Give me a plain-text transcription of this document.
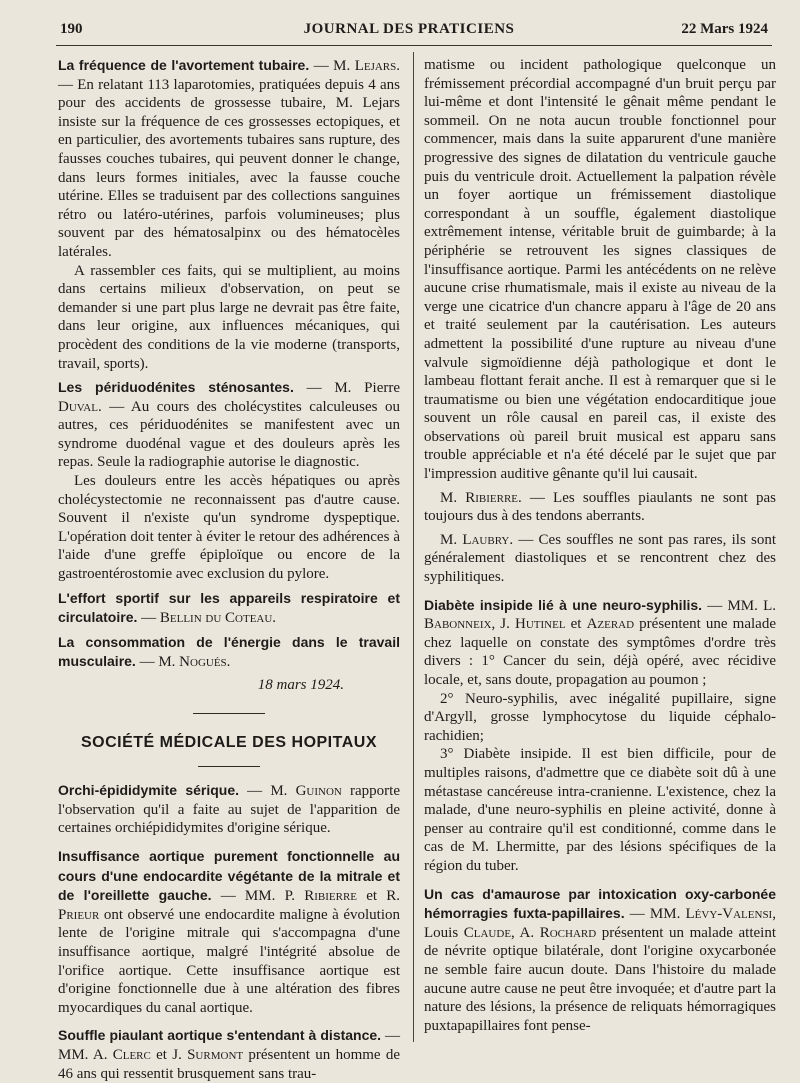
190	JOURNAL DES PRATICIENS	22 Mars 1924

La fréquence de l'avortement tubaire. — M. Lejars. — En relatant 113 laparotomies, pratiquées depuis 4 ans pour des accidents de grossesse tubaire, M. Lejars insiste sur la fréquence de ces grossesses ectopiques, et en particulier, des avortements tubaires sans rupture, des fausses couches tubaires, qui peuvent donner le change, dans leurs formes initiales, avec la fausse couche utérine. Elles se traduisent par des collections sanguines rétro ou latéro-utérines, parfois volumineuses; plus souvent par des hématosalpinx ou des hématocèles latérales.

A rassembler ces faits, qui se multiplient, au moins dans certains milieux d'observation, on peut se demander si une part plus large ne devrait pas être faite, dans leur origine, aux influences mécaniques, qui procèdent des conditions de la vie moderne (transports, travail, sports).

Les périduodénites sténosantes. — M. Pierre Duval. — Au cours des cholécystites calculeuses ou autres, ces périduodénites se manifestent avec un syndrome duodénal vague et des douleurs après les repas. Seule la radiographie autorise le diagnostic.

Les douleurs entre les accès hépatiques ou après cholécystectomie ne reconnaissent pas d'autre cause. Souvent il n'existe qu'un syndrome dyspeptique. L'opération doit tenter à éviter le retour des adhérences à l'aide d'une greffe épiploïque ou encore de la gastroentérostomie avec exclusion du pylore.

L'effort sportif sur les appareils respiratoire et circulatoire. — Bellin du Coteau.

La consommation de l'énergie dans le travail musculaire. — M. Nogués.

18 mars 1924.

SOCIÉTÉ MÉDICALE DES HOPITAUX

Orchi-épididymite sérique. — M. Guinon rapporte l'observation qu'il a faite au sujet de l'apparition de certaines orchiépididymites d'origine sérique.

Insuffisance aortique purement fonctionnelle au cours d'une endocardite végétante de la mitrale et de l'oreillette gauche. — MM. P. Ribierre et R. Prieur ont observé une endocardite maligne à évolution lente de l'origine mitrale qui s'accompagna d'une insuffisance aortique, malgré l'intégrité absolue de l'orifice aortique. Cette insuffisance aortique est d'origine fonctionnelle due à une altération des fibres myocardiques du canal aortique.

Souffle piaulant aortique s'entendant à distance. — MM. A. Clerc et J. Surmont présentent un homme de 46 ans qui ressentit brusquement sans trau-

matisme ou incident pathologique quelconque un frémissement précordial accompagné d'un bruit perçu par lui-même et dont l'intensité le gênait même pendant le sommeil. On ne nota aucun trouble fonctionnel pour commencer, mais dans la suite apparurent d'une manière progressive des signes de dilatation du ventricule gauche puis du ventricule droit. Actuellement la palpation révèle un foyer aortique un frémissement diastolique correspondant à un souffle, également diastolique extrêmement intense, véritable bruit de guimbarde; à la périphérie se retrouvent les signes classiques de l'insuffisance aortique. Parmi les antécédents on ne relève aucune crise rhumatismale, mais il existe au niveau de la verge une cicatrice d'un chancre apparu à l'âge de 20 ans et traité seulement par la cautérisation. Les auteurs admettent la possibilité d'une rupture au niveau d'une valvule sigmoïdienne déjà pathologique et dont le lambeau flottant ferait anche. Il est à remarquer que si le traumatisme ou bien une végétation endocarditique joue souvent un rôle causal en pareil cas, il existe des observations où pareil bruit musical est apparu sans trouble appréciable et n'a été décelé par le sujet que par l'impression auditive gênante qu'il lui causait.

M. Ribierre. — Les souffles piaulants ne sont pas toujours dus à des tendons aberrants.

M. Laubry. — Ces souffles ne sont pas rares, ils sont généralement diastoliques et se rencontrent chez des syphilitiques.

Diabète insipide lié à une neuro-syphilis. — MM. L. Babonneix, J. Hutinel et Azerad présentent une malade chez laquelle on constate des symptômes d'ordre très divers : 1° Cancer du sein, déjà opéré, avec récidive locale, et, sans doute, propagation au poumon ;

2° Neuro-syphilis, avec inégalité pupillaire, signe d'Argyll, grosse lymphocytose du liquide céphalo-rachidien;

3° Diabète insipide. Il est bien difficile, pour de multiples raisons, d'admettre que ce diabète soit dû à une métastase cancéreuse intra-cranienne. L'existence, chez la malade, d'une neuro-syphilis en pleine activité, donne à penser au contraire qu'il est conditionné, comme dans le cas de M. Lhermitte, par des lésions spécifiques de la région du tuber.

Un cas d'amaurose par intoxication oxy-carbonée hémorragies fuxta-papillaires. — MM. Lévy-Valensi, Louis Claude, A. Rochard présentent un malade atteint de névrite optique bilatérale, dont l'origine oxycarbonée ne semble faire aucun doute. Dans l'histoire du malade aucune autre cause ne peut être invoquée; et d'autre part la nature des lésions, la présence de reliquats hémorragiques puxtapapillaires font pense-
